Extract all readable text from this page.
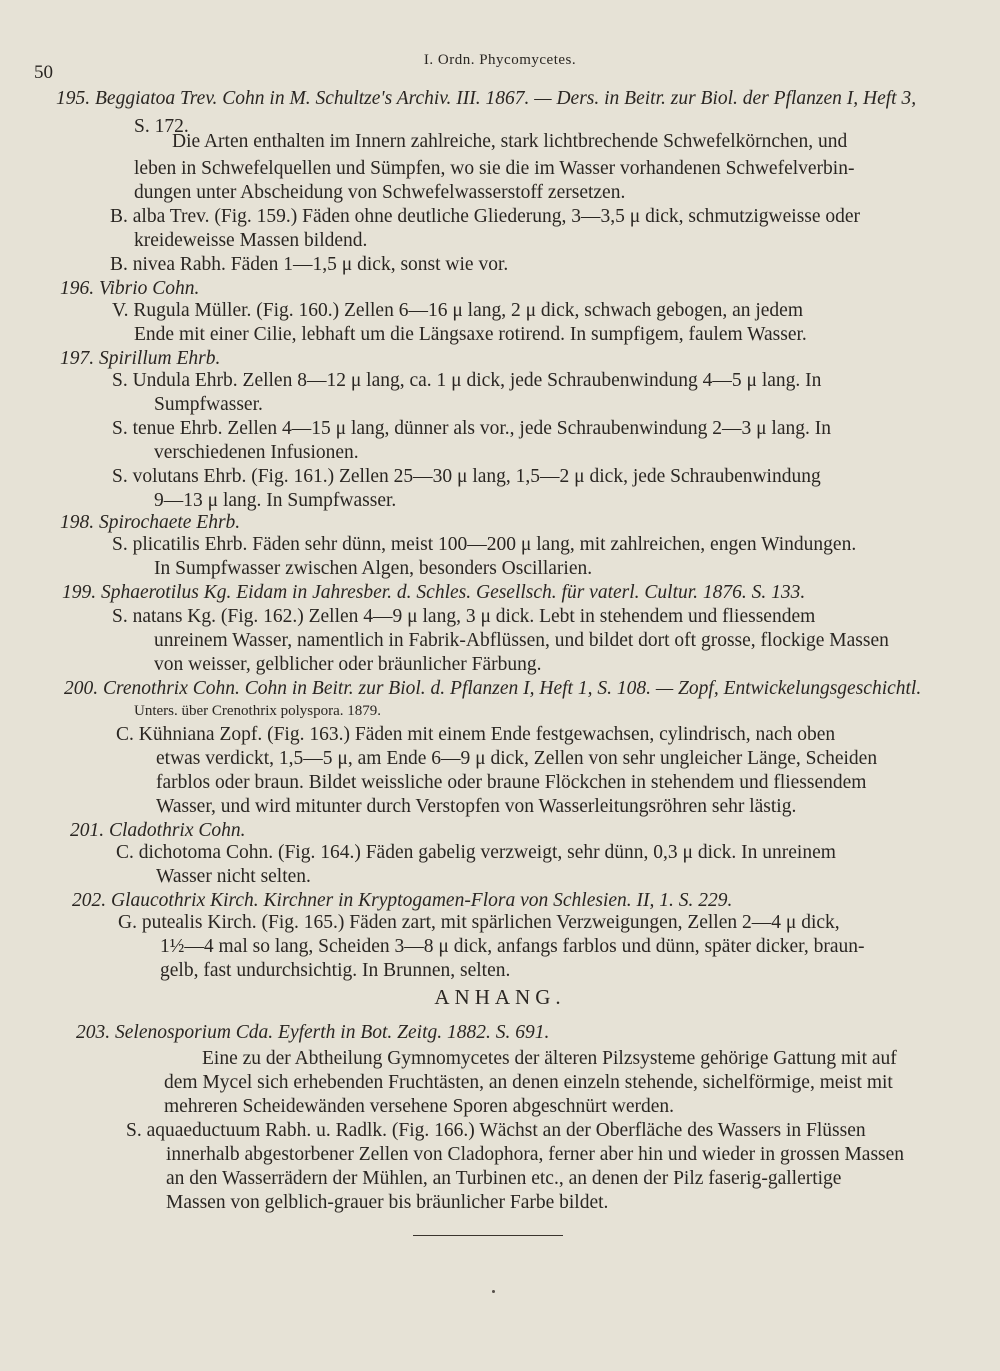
50
I. Ordn. Phycomycetes.
195. Beggiatoa Trev. Cohn in M. Schultze's Archiv. III. 1867. — Ders. in Beitr. zur Biol. der Pflanzen I, Heft 3,
S. 172.
Die Arten enthalten im Innern zahlreiche, stark lichtbrechende Schwefelkörnchen, und
leben in Schwefelquellen und Sümpfen, wo sie die im Wasser vorhandenen Schwefelverbin-
dungen unter Abscheidung von Schwefelwasserstoff zersetzen.
B. alba Trev. (Fig. 159.) Fäden ohne deutliche Gliederung, 3—3,5 μ dick, schmutzigweisse oder
kreideweisse Massen bildend.
B. nivea Rabh. Fäden 1—1,5 μ dick, sonst wie vor.
196. Vibrio Cohn.
V. Rugula Müller. (Fig. 160.) Zellen 6—16 μ lang, 2 μ dick, schwach gebogen, an jedem
Ende mit einer Cilie, lebhaft um die Längsaxe rotirend. In sumpfigem, faulem Wasser.
197. Spirillum Ehrb.
S. Undula Ehrb. Zellen 8—12 μ lang, ca. 1 μ dick, jede Schraubenwindung 4—5 μ lang. In
Sumpfwasser.
S. tenue Ehrb. Zellen 4—15 μ lang, dünner als vor., jede Schraubenwindung 2—3 μ lang. In
verschiedenen Infusionen.
S. volutans Ehrb. (Fig. 161.) Zellen 25—30 μ lang, 1,5—2 μ dick, jede Schraubenwindung
9—13 μ lang. In Sumpfwasser.
198. Spirochaete Ehrb.
S. plicatilis Ehrb. Fäden sehr dünn, meist 100—200 μ lang, mit zahlreichen, engen Windungen.
In Sumpfwasser zwischen Algen, besonders Oscillarien.
199. Sphaerotilus Kg. Eidam in Jahresber. d. Schles. Gesellsch. für vaterl. Cultur. 1876. S. 133.
S. natans Kg. (Fig. 162.) Zellen 4—9 μ lang, 3 μ dick. Lebt in stehendem und fliessendem
unreinem Wasser, namentlich in Fabrik-Abflüssen, und bildet dort oft grosse, flockige Massen
von weisser, gelblicher oder bräunlicher Färbung.
200. Crenothrix Cohn. Cohn in Beitr. zur Biol. d. Pflanzen I, Heft 1, S. 108. — Zopf, Entwickelungsgeschichtl.
Unters. über Crenothrix polyspora. 1879.
C. Kühniana Zopf. (Fig. 163.) Fäden mit einem Ende festgewachsen, cylindrisch, nach oben
etwas verdickt, 1,5—5 μ, am Ende 6—9 μ dick, Zellen von sehr ungleicher Länge, Scheiden
farblos oder braun. Bildet weissliche oder braune Flöckchen in stehendem und fliessendem
Wasser, und wird mitunter durch Verstopfen von Wasserleitungsröhren sehr lästig.
201. Cladothrix Cohn.
C. dichotoma Cohn. (Fig. 164.) Fäden gabelig verzweigt, sehr dünn, 0,3 μ dick. In unreinem
Wasser nicht selten.
202. Glaucothrix Kirch. Kirchner in Kryptogamen-Flora von Schlesien. II, 1. S. 229.
G. putealis Kirch. (Fig. 165.) Fäden zart, mit spärlichen Verzweigungen, Zellen 2—4 μ dick,
1½—4 mal so lang, Scheiden 3—8 μ dick, anfangs farblos und dünn, später dicker, braun-
gelb, fast undurchsichtig. In Brunnen, selten.
ANHANG.
203. Selenosporium Cda. Eyferth in Bot. Zeitg. 1882. S. 691.
Eine zu der Abtheilung Gymnomycetes der älteren Pilzsysteme gehörige Gattung mit auf
dem Mycel sich erhebenden Fruchtästen, an denen einzeln stehende, sichelförmige, meist mit
mehreren Scheidewänden versehene Sporen abgeschnürt werden.
S. aquaeductuum Rabh. u. Radlk. (Fig. 166.) Wächst an der Oberfläche des Wassers in Flüssen
innerhalb abgestorbener Zellen von Cladophora, ferner aber hin und wieder in grossen Massen
an den Wasserrädern der Mühlen, an Turbinen etc., an denen der Pilz faserig-gallertige
Massen von gelblich-grauer bis bräunlicher Farbe bildet.
